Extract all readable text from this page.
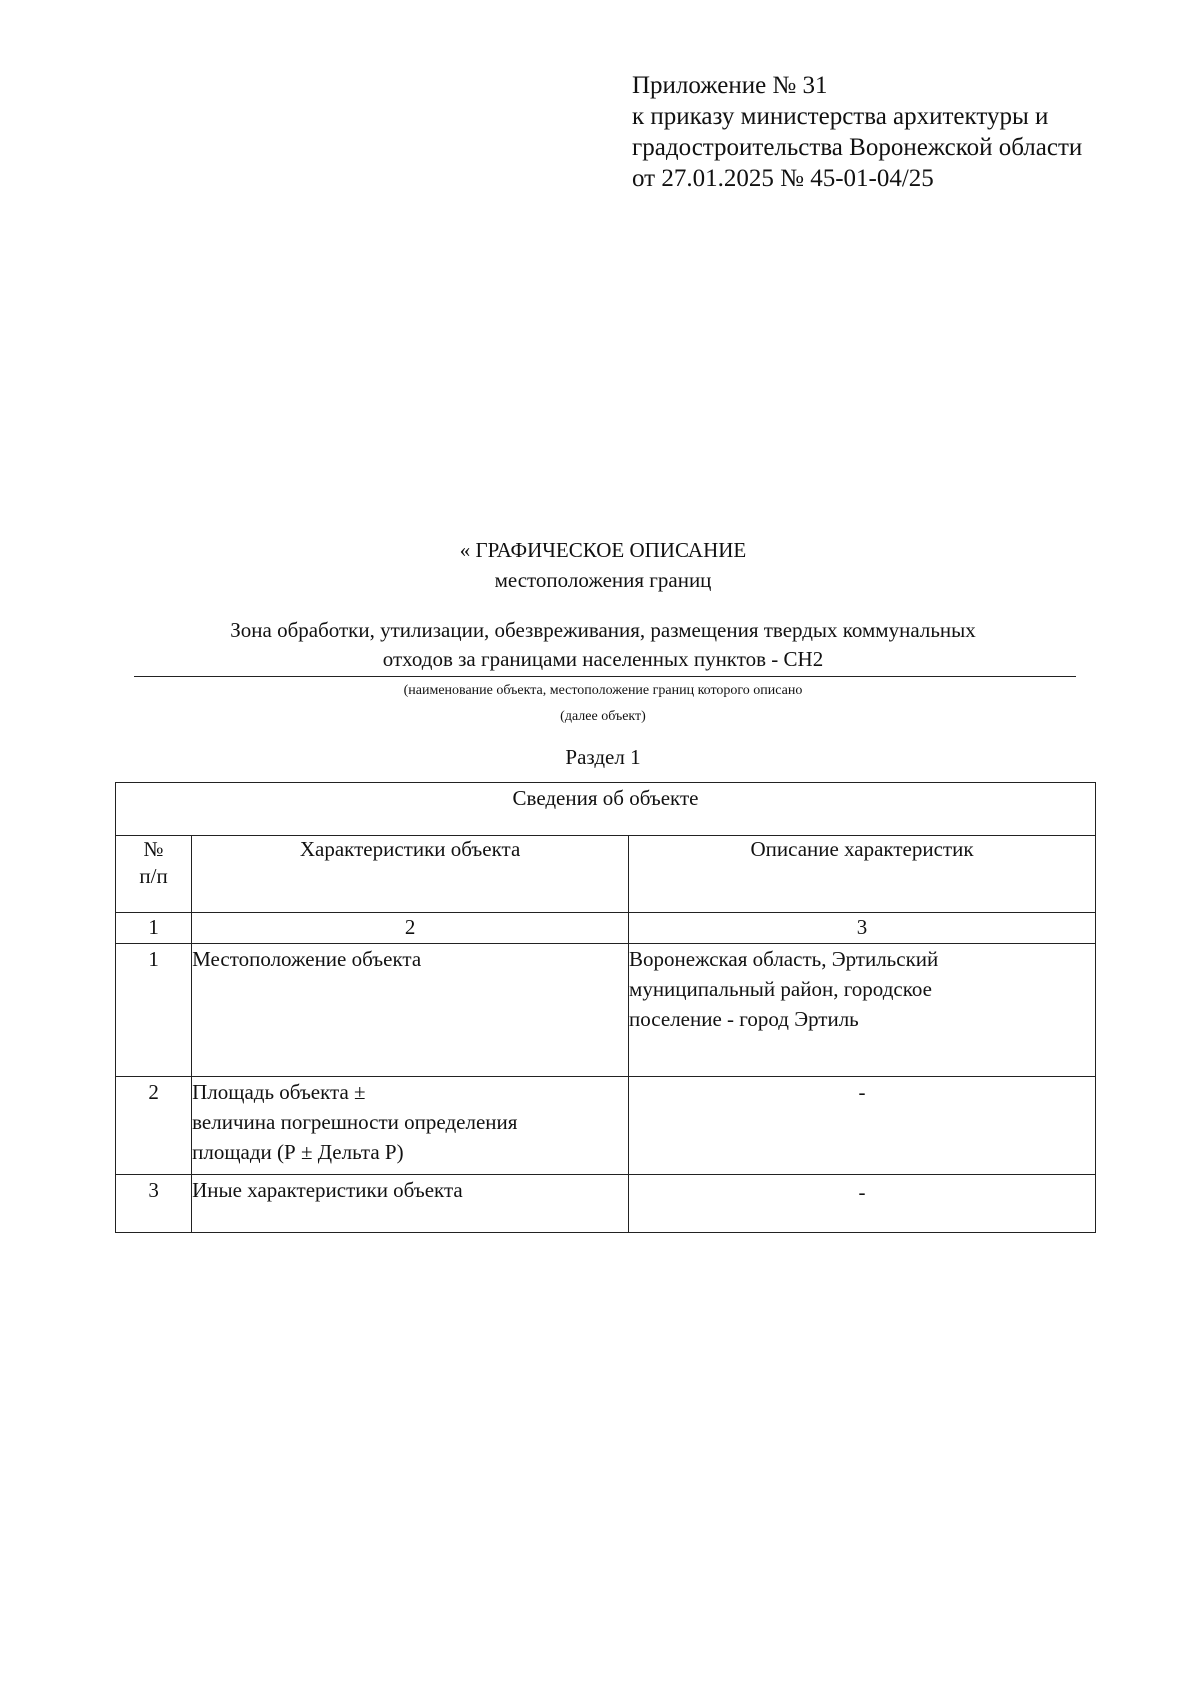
Приложение № 31
к приказу министерства архитектуры и
градостроительства Воронежской области
от 27.01.2025 № 45-01-04/25
« ГРАФИЧЕСКОЕ ОПИСАНИЕ
местоположения границ
Зона обработки, утилизации, обезвреживания, размещения твердых коммунальных
отходов за границами населенных пунктов - СН2
(наименование объекта, местоположение границ которого описано
(далее объект)
Раздел 1
Сведения об объекте		

№
п/п	Характеристики объекта	Описание характеристик
1	2	3
1	Местоположение объекта	Воронежская область, Эртильский
муниципальный район, городское
поселение - город Эртиль

2	Площадь объекта ±
величина погрешности определения
площади (Р ± Дельта Р)	-

3	Иные характеристики объекта	-
